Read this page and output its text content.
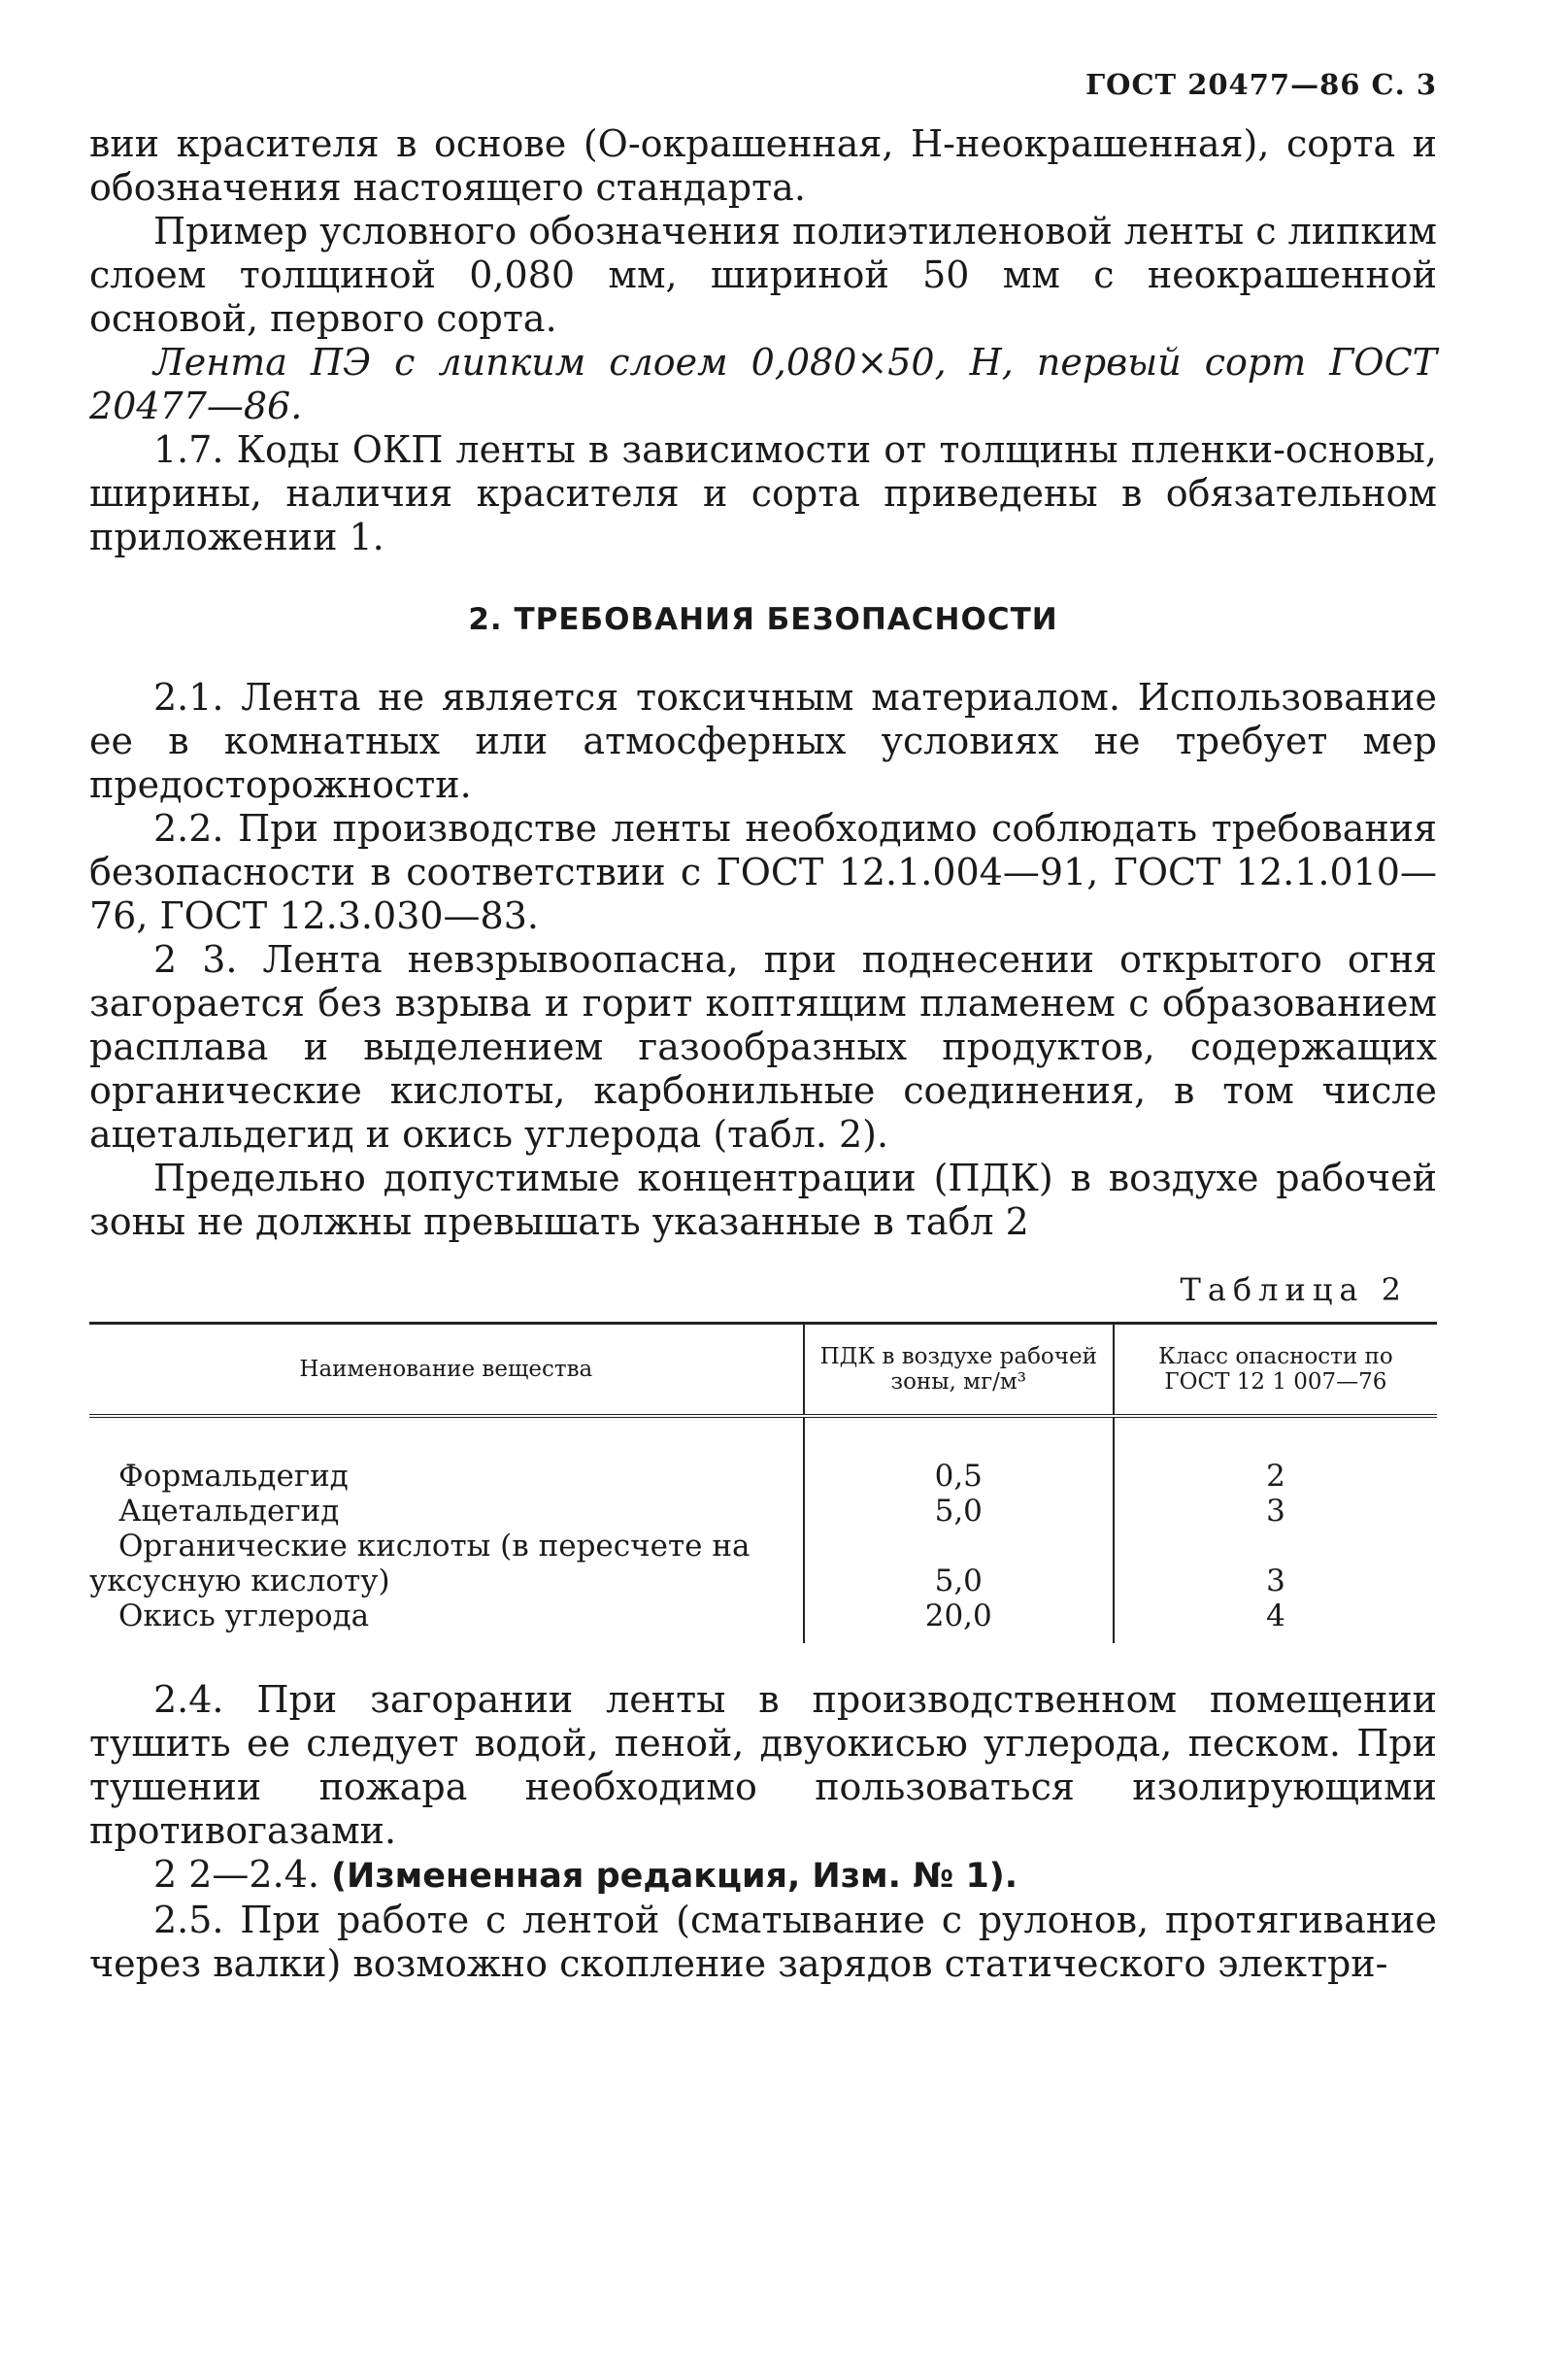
ГОСТ 20477—86 С. 3

вии красителя в основе (О-окрашенная, Н-неокрашенная), сорта и обозначения настоящего стандарта.

Пример условного обозначения полиэтиленовой ленты с липким слоем толщиной 0,080 мм, шириной 50 мм с неокрашенной основой, первого сорта.

Лента ПЭ с липким слоем 0,080×50, Н, первый сорт ГОСТ 20477—86.

1.7. Коды ОКП ленты в зависимости от толщины пленки-основы, ширины, наличия красителя и сорта приведены в обязательном приложении 1.

2. ТРЕБОВАНИЯ БЕЗОПАСНОСТИ

2.1. Лента не является токсичным материалом. Использование ее в комнатных или атмосферных условиях не требует мер предосторожности.

2.2. При производстве ленты необходимо соблюдать требования безопасности в соответствии с ГОСТ 12.1.004—91, ГОСТ 12.1.010—76, ГОСТ 12.3.030—83.

2 3. Лента невзрывоопасна, при поднесении открытого огня загорается без взрыва и горит коптящим пламенем с образованием расплава и выделением газообразных продуктов, содержащих органические кислоты, карбонильные соединения, в том числе ацетальдегид и окись углерода (табл. 2).

Предельно допустимые концентрации (ПДК) в воздухе рабочей зоны не должны превышать указанные в табл 2

Таблица 2
Наименование вещества	ПДК в воздухе рабочей зоны, мг/м³	Класс опасности по ГОСТ 12 1 007—76
Формальдегид	0,5	2
Ацетальдегид	5,0	3
Органические кислоты (в пересчете на уксусную кислоту)	5,0	3
Окись углерода	20,0	4

2.4. При загорании ленты в производственном помещении тушить ее следует водой, пеной, двуокисью углерода, песком. При тушении пожара необходимо пользоваться изолирующими противогазами.

2 2—2.4. (Измененная редакция, Изм. № 1).

2.5. При работе с лентой (сматывание с рулонов, протягивание через валки) возможно скопление зарядов статического электри-
